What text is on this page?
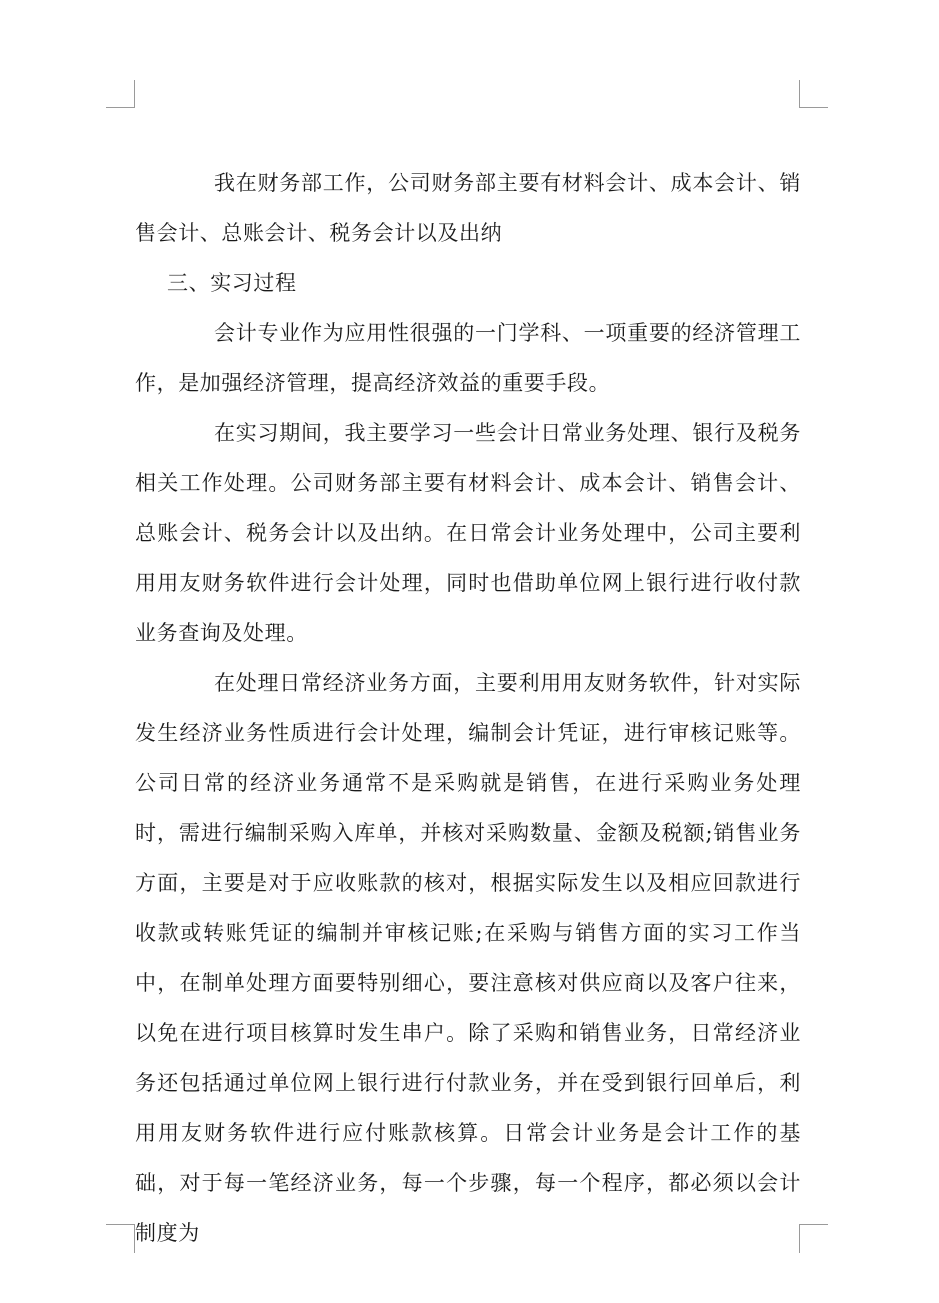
我在财务部工作，公司财务部主要有材料会计、成本会计、销售会计、总账会计、税务会计以及出纳

三、实习过程

会计专业作为应用性很强的一门学科、一项重要的经济管理工作，是加强经济管理，提高经济效益的重要手段。

在实习期间，我主要学习一些会计日常业务处理、银行及税务相关工作处理。公司财务部主要有材料会计、成本会计、销售会计、总账会计、税务会计以及出纳。在日常会计业务处理中，公司主要利用用友财务软件进行会计处理，同时也借助单位网上银行进行收付款业务查询及处理。

在处理日常经济业务方面，主要利用用友财务软件，针对实际发生经济业务性质进行会计处理，编制会计凭证，进行审核记账等。公司日常的经济业务通常不是采购就是销售，在进行采购业务处理时，需进行编制采购入库单，并核对采购数量、金额及税额;销售业务方面，主要是对于应收账款的核对，根据实际发生以及相应回款进行收款或转账凭证的编制并审核记账;在采购与销售方面的实习工作当中，在制单处理方面要特别细心，要注意核对供应商以及客户往来，以免在进行项目核算时发生串户。除了采购和销售业务，日常经济业务还包括通过单位网上银行进行付款业务，并在受到银行回单后，利用用友财务软件进行应付账款核算。日常会计业务是会计工作的基础，对于每一笔经济业务，每一个步骤，每一个程序，都必须以会计制度为
